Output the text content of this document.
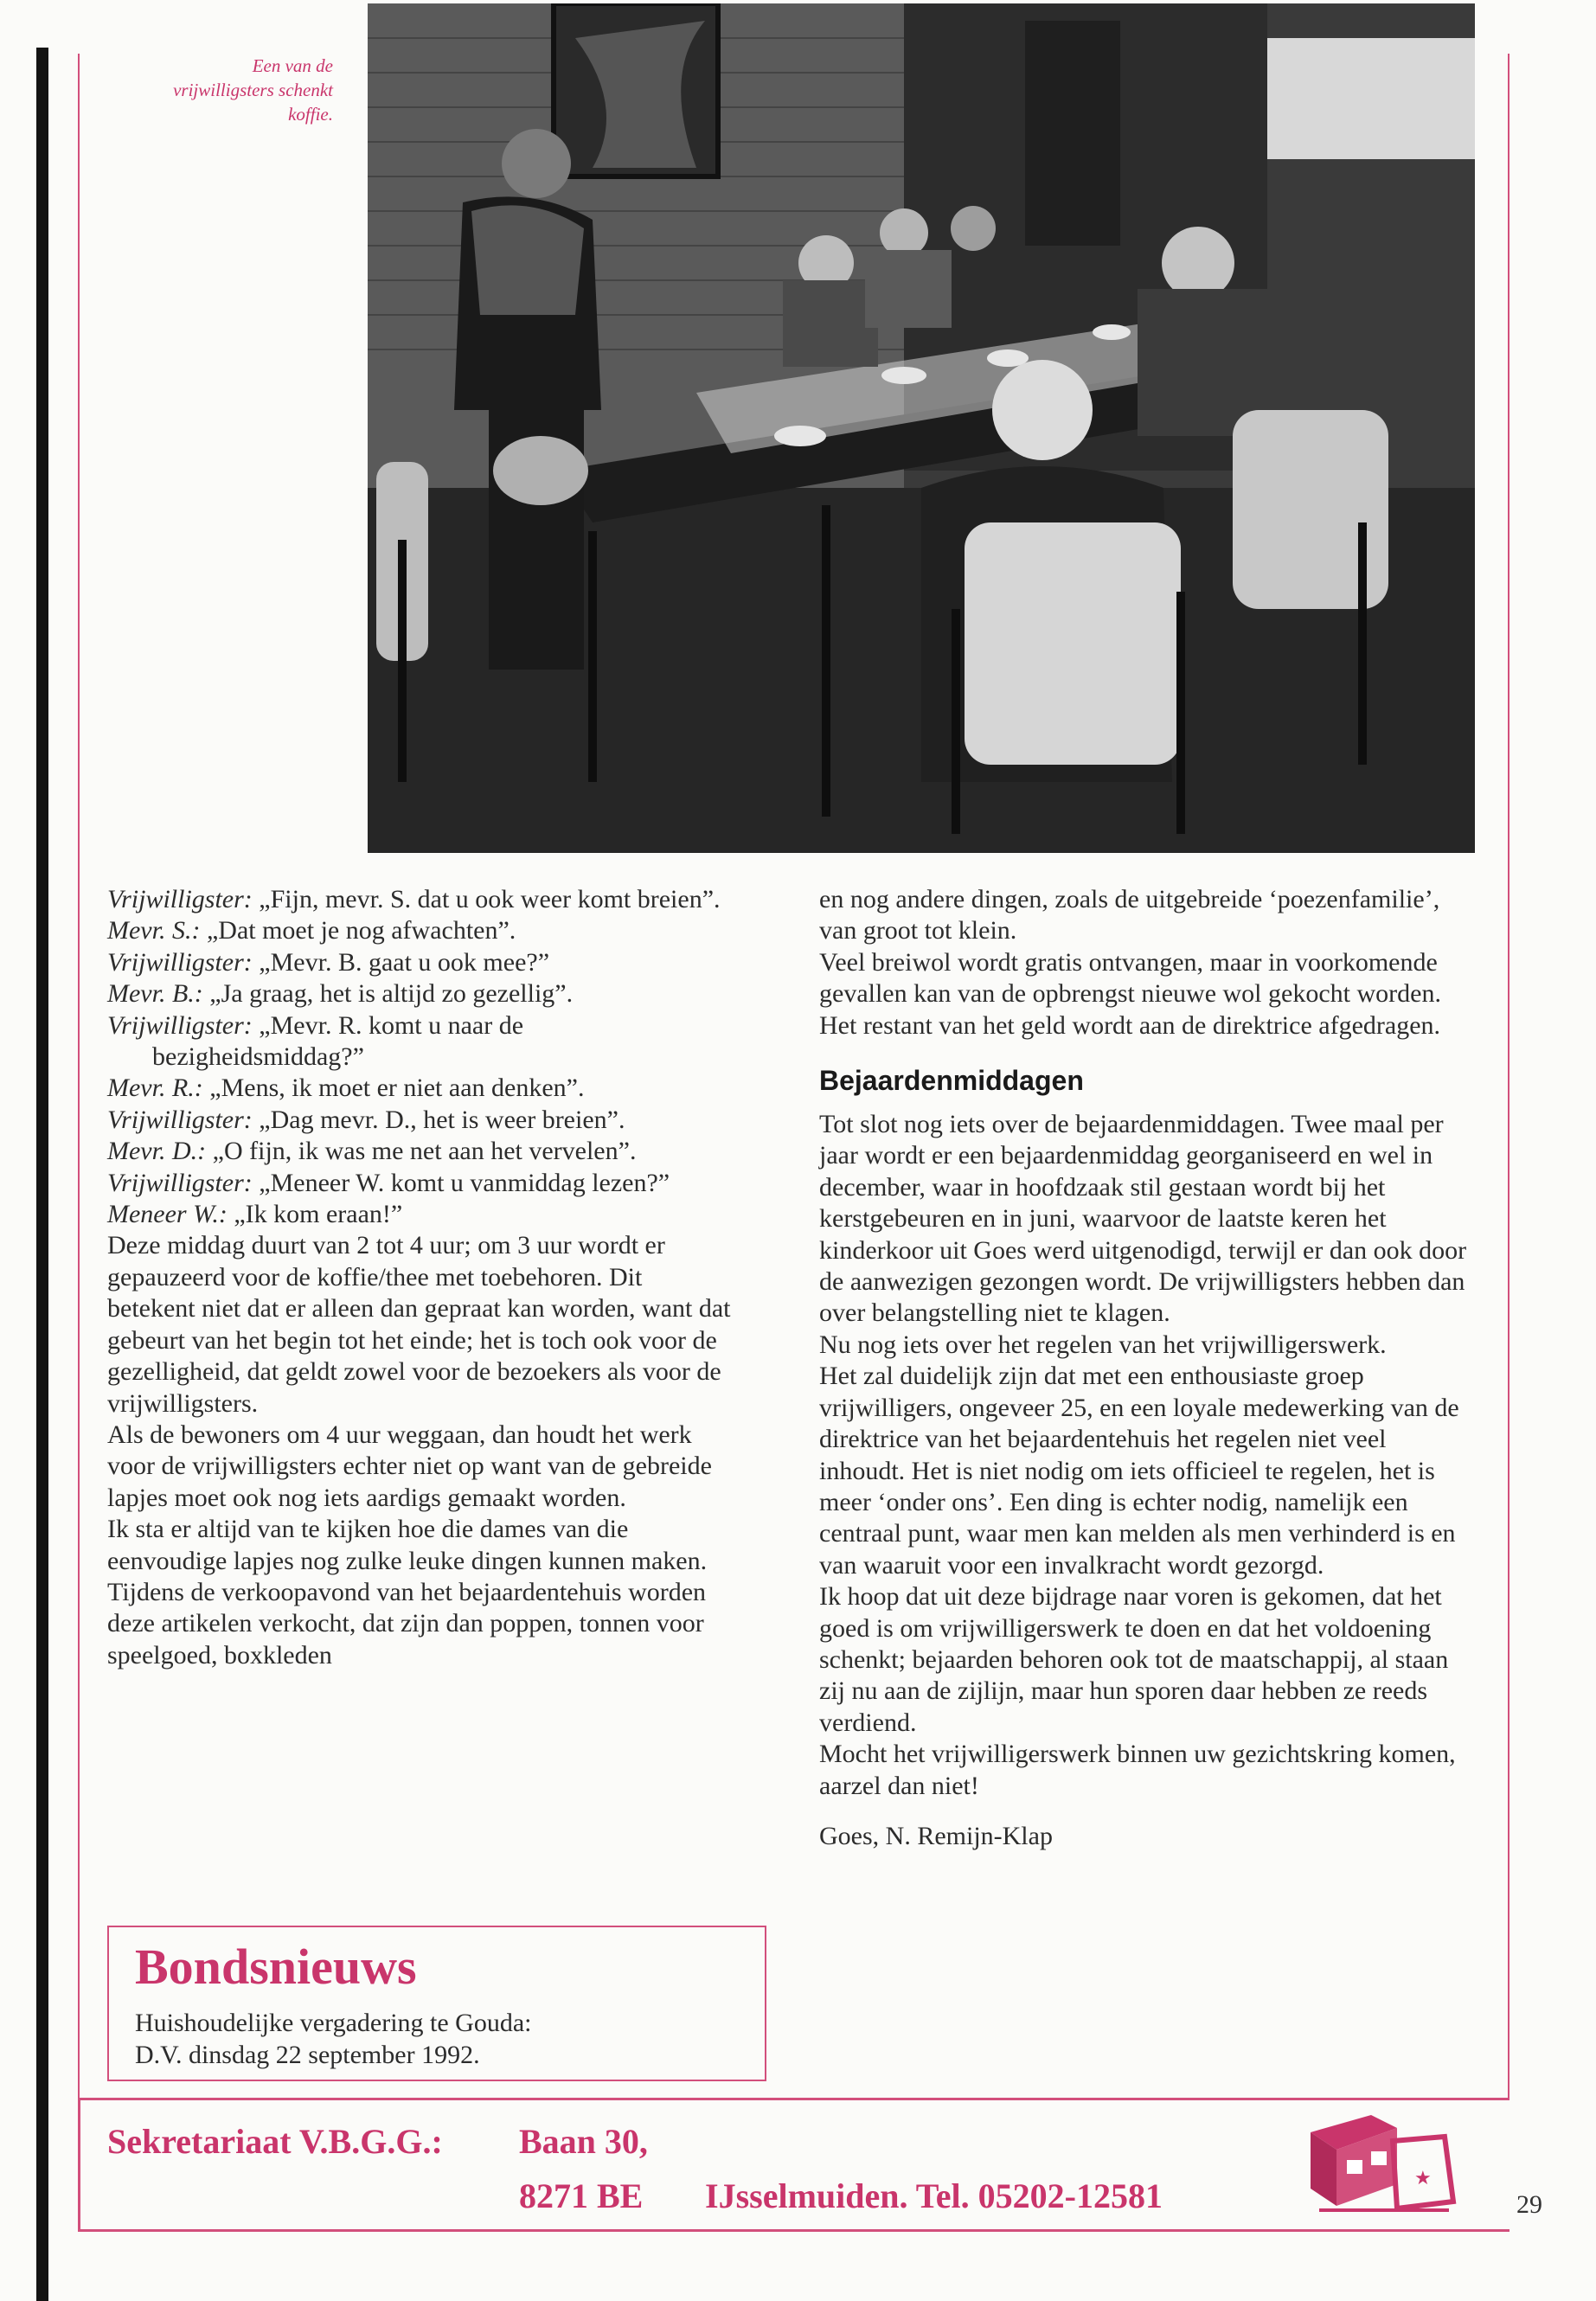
Een van de vrijwilligsters schenkt koffie.

Vrijwilligster: „Fijn, mevr. S. dat u ook weer komt breien”.

Mevr. S.: „Dat moet je nog afwachten”.

Vrijwilligster: „Mevr. B. gaat u ook mee?”

Mevr. B.: „Ja graag, het is altijd zo gezellig”.

Vrijwilligster: „Mevr. R. komt u naar de bezigheidsmiddag?”

Mevr. R.: „Mens, ik moet er niet aan denken”.

Vrijwilligster: „Dag mevr. D., het is weer breien”.

Mevr. D.: „O fijn, ik was me net aan het vervelen”.

Vrijwilligster: „Meneer W. komt u vanmiddag lezen?”

Meneer W.: „Ik kom eraan!”

Deze middag duurt van 2 tot 4 uur; om 3 uur wordt er gepauzeerd voor de koffie/thee met toebehoren. Dit betekent niet dat er alleen dan gepraat kan worden, want dat gebeurt van het begin tot het einde; het is toch ook voor de gezelligheid, dat geldt zowel voor de bezoekers als voor de vrijwilligsters.

Als de bewoners om 4 uur weggaan, dan houdt het werk voor de vrijwilligsters echter niet op want van de gebreide lapjes moet ook nog iets aardigs gemaakt worden.

Ik sta er altijd van te kijken hoe die dames van die eenvoudige lapjes nog zulke leuke dingen kunnen maken.

Tijdens de verkoopavond van het bejaardentehuis worden deze artikelen verkocht, dat zijn dan poppen, tonnen voor speelgoed, boxkleden

en nog andere dingen, zoals de uitgebreide ‘poezenfamilie’, van groot tot klein.

Veel breiwol wordt gratis ontvangen, maar in voorkomende gevallen kan van de opbrengst nieuwe wol gekocht worden. Het restant van het geld wordt aan de direktrice afgedragen.

Bejaardenmiddagen

Tot slot nog iets over de bejaardenmiddagen. Twee maal per jaar wordt er een bejaardenmiddag georganiseerd en wel in december, waar in hoofdzaak stil gestaan wordt bij het kerstgebeuren en in juni, waarvoor de laatste keren het kinderkoor uit Goes werd uitgenodigd, terwijl er dan ook door de aanwezigen gezongen wordt. De vrijwilligsters hebben dan over belangstelling niet te klagen.

Nu nog iets over het regelen van het vrijwilligerswerk.

Het zal duidelijk zijn dat met een enthousiaste groep vrijwilligers, ongeveer 25, en een loyale medewerking van de direktrice van het bejaardentehuis het regelen niet veel inhoudt. Het is niet nodig om iets officieel te regelen, het is meer ‘onder ons’. Een ding is echter nodig, namelijk een centraal punt, waar men kan melden als men verhinderd is en van waaruit voor een invalkracht wordt gezorgd.

Ik hoop dat uit deze bijdrage naar voren is gekomen, dat het goed is om vrijwilligerswerk te doen en dat het voldoening schenkt; bejaarden behoren ook tot de maatschappij, al staan zij nu aan de zijlijn, maar hun sporen daar hebben ze reeds verdiend.

Mocht het vrijwilligerswerk binnen uw gezichtskring komen, aarzel dan niet!

Goes, N. Remijn-Klap

Bondsnieuws
Huishoudelijke vergadering te Gouda:
D.V. dinsdag 22 september 1992.
Sekretariaat V.B.G.G.: Baan 30,
8271 BE IJsselmuiden. Tel. 05202-12581	★
29
